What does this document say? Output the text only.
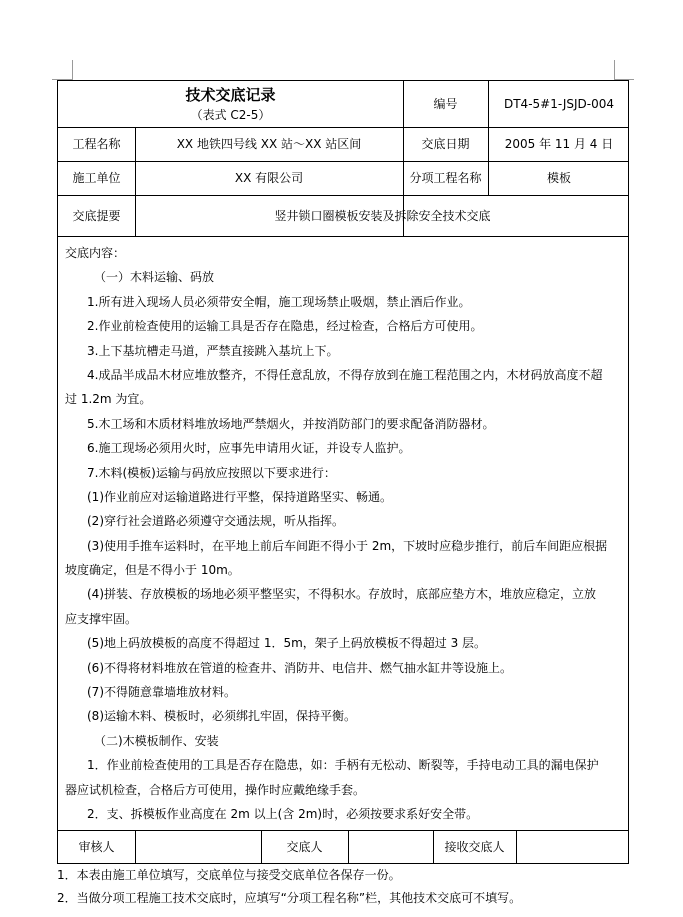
技术交底记录
（表式 C2-5）
编号	DT4-5#1-JSJD-004
工程名称	XX 地铁四号线 XX 站～XX 站区间	交底日期	2005 年 11 月 4 日
施工单位	XX 有限公司	分项工程名称	模板
交底提要	竖井锁口圈模板安装及拆除安全技术交底
交底内容：
（一）木料运输、码放
1.所有进入现场人员必须带安全帽，施工现场禁止吸烟，禁止酒后作业。
2.作业前检查使用的运输工具是否存在隐患，经过检查，合格后方可使用。
3.上下基坑槽走马道，严禁直接跳入基坑上下。
4.成品半成品木材应堆放整齐，不得任意乱放，不得存放到在施工程范围之内，木材码放高度不超
过 1.2m 为宜。
5.木工场和木质材料堆放场地严禁烟火，并按消防部门的要求配备消防器材。
6.施工现场必须用火时，应事先申请用火证，并设专人监护。
7.木料(模板)运输与码放应按照以下要求进行：
(1)作业前应对运输道路进行平整，保持道路坚实、畅通。
(2)穿行社会道路必须遵守交通法规，听从指挥。
(3)使用手推车运料时，在平地上前后车间距不得小于 2m，下坡时应稳步推行，前后车间距应根据
坡度确定，但是不得小于 10m。
(4)拼装、存放模板的场地必须平整坚实，不得积水。存放时，底部应垫方木，堆放应稳定，立放
应支撑牢固。
(5)地上码放模板的高度不得超过 1．5m，架子上码放模板不得超过 3 层。
(6)不得将材料堆放在管道的检查井、消防井、电信井、燃气抽水缸井等设施上。
(7)不得随意靠墙堆放材料。
(8)运输木料、模板时，必须绑扎牢固，保持平衡。
（二)木模板制作、安装
1．作业前检查使用的工具是否存在隐患，如：手柄有无松动、断裂等，手持电动工具的漏电保护
器应试机检查，合格后方可使用，操作时应戴绝缘手套。
2．支、拆模板作业高度在 2m 以上(含 2m)时，必须按要求系好安全带。
审核人	交底人	接收交底人
1．本表由施工单位填写，交底单位与接受交底单位各保存一份。
2．当做分项工程施工技术交底时，应填写“分项工程名称”栏，其他技术交底可不填写。
